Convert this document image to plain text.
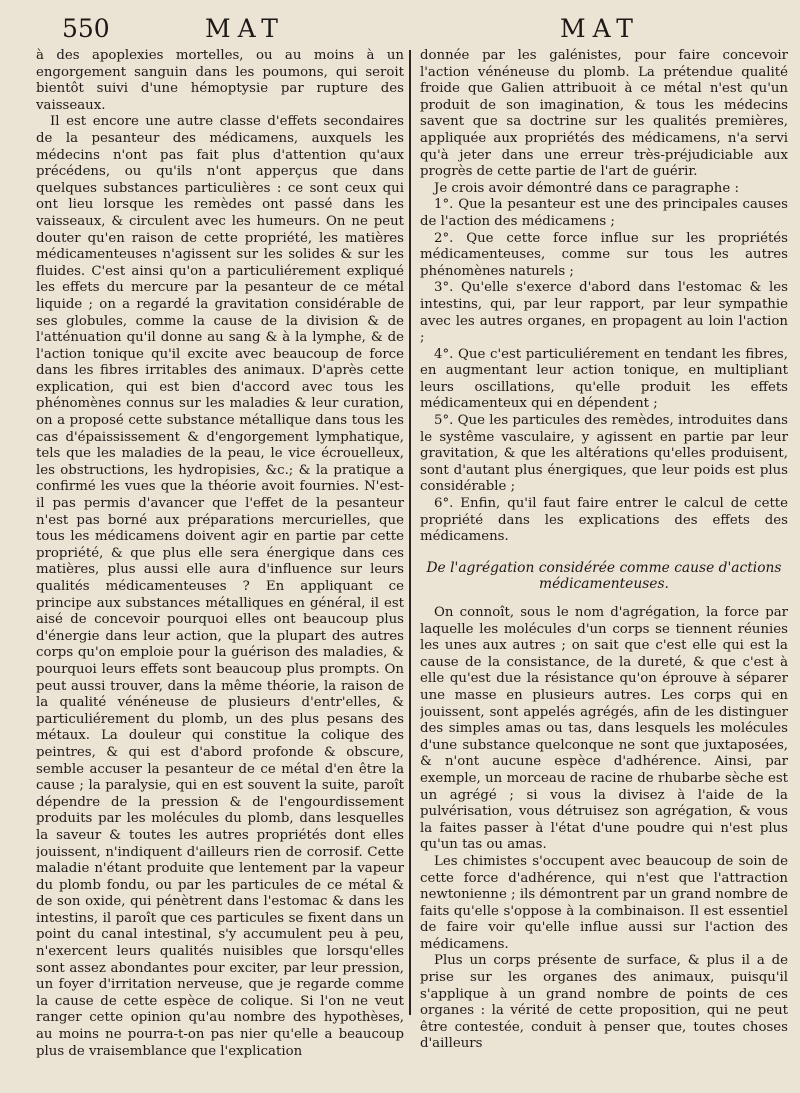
550	MAT	MAT

à des apoplexies mortelles, ou au moins à un engorgement sanguin dans les poumons, qui seroit bientôt suivi d'une hémoptysie par rupture des vaisseaux.

Il est encore une autre classe d'effets secondaires de la pesanteur des médicamens, auxquels les médecins n'ont pas fait plus d'attention qu'aux précédens, ou qu'ils n'ont apperçus que dans quelques substances particulières : ce sont ceux qui ont lieu lorsque les remèdes ont passé dans les vaisseaux, & circulent avec les humeurs. On ne peut douter qu'en raison de cette propriété, les matières médicamenteuses n'agissent sur les solides & sur les fluides. C'est ainsi qu'on a particuliérement expliqué les effets du mercure par la pesanteur de ce métal liquide ; on a regardé la gravitation considérable de ses globules, comme la cause de la division & de l'atténuation qu'il donne au sang & à la lymphe, & de l'action tonique qu'il excite avec beaucoup de force dans les fibres irritables des animaux. D'après cette explication, qui est bien d'accord avec tous les phénomènes connus sur les maladies & leur curation, on a proposé cette substance métallique dans tous les cas d'épaississement & d'engorgement lymphatique, tels que les maladies de la peau, le vice écrouelleux, les obstructions, les hydropisies, &c.; & la pratique a confirmé les vues que la théorie avoit fournies. N'est-il pas permis d'avancer que l'effet de la pesanteur n'est pas borné aux préparations mercurielles, que tous les médicamens doivent agir en partie par cette propriété, & que plus elle sera énergique dans ces matières, plus aussi elle aura d'influence sur leurs qualités médicamenteuses ? En appliquant ce principe aux substances métalliques en général, il est aisé de concevoir pourquoi elles ont beaucoup plus d'énergie dans leur action, que la plupart des autres corps qu'on emploie pour la guérison des maladies, & pourquoi leurs effets sont beaucoup plus prompts. On peut aussi trouver, dans la même théorie, la raison de la qualité vénéneuse de plusieurs d'entr'elles, & particuliérement du plomb, un des plus pesans des métaux. La douleur qui constitue la colique des peintres, & qui est d'abord profonde & obscure, semble accuser la pesanteur de ce métal d'en être la cause ; la paralysie, qui en est souvent la suite, paroît dépendre de la pression & de l'engourdissement produits par les molécules du plomb, dans lesquelles la saveur & toutes les autres propriétés dont elles jouissent, n'indiquent d'ailleurs rien de corrosif. Cette maladie n'étant produite que lentement par la vapeur du plomb fondu, ou par les particules de ce métal & de son oxide, qui pénètrent dans l'estomac & dans les intestins, il paroît que ces particules se fixent dans un point du canal intestinal, s'y accumulent peu à peu, n'exercent leurs qualités nuisibles que lorsqu'elles sont assez abondantes pour exciter, par leur pression, un foyer d'irritation nerveuse, que je regarde comme la cause de cette espèce de colique. Si l'on ne veut ranger cette opinion qu'au nombre des hypothèses, au moins ne pourra-t-on pas nier qu'elle a beaucoup plus de vraisemblance que l'explication

donnée par les galénistes, pour faire concevoir l'action vénéneuse du plomb. La prétendue qualité froide que Galien attribuoit à ce métal n'est qu'un produit de son imagination, & tous les médecins savent que sa doctrine sur les qualités premières, appliquée aux propriétés des médicamens, n'a servi qu'à jeter dans une erreur très-préjudiciable aux progrès de cette partie de l'art de guérir.

Je crois avoir démontré dans ce paragraphe :

1°. Que la pesanteur est une des principales causes de l'action des médicamens ;

2°. Que cette force influe sur les propriétés médicamenteuses, comme sur tous les autres phénomènes naturels ;

3°. Qu'elle s'exerce d'abord dans l'estomac & les intestins, qui, par leur rapport, par leur sympathie avec les autres organes, en propagent au loin l'action ;

4°. Que c'est particuliérement en tendant les fibres, en augmentant leur action tonique, en multipliant leurs oscillations, qu'elle produit les effets médicamenteux qui en dépendent ;

5°. Que les particules des remèdes, introduites dans le systême vasculaire, y agissent en partie par leur gravitation, & que les altérations qu'elles produisent, sont d'autant plus énergiques, que leur poids est plus considérable ;

6°. Enfin, qu'il faut faire entrer le calcul de cette propriété dans les explications des effets des médicamens.

De l'agrégation considérée comme cause d'actions
médicamenteuses.

On connoît, sous le nom d'agrégation, la force par laquelle les molécules d'un corps se tiennent réunies les unes aux autres ; on sait que c'est elle qui est la cause de la consistance, de la dureté, & que c'est à elle qu'est due la résistance qu'on éprouve à séparer une masse en plusieurs autres. Les corps qui en jouissent, sont appelés agrégés, afin de les distinguer des simples amas ou tas, dans lesquels les molécules d'une substance quelconque ne sont que juxtaposées, & n'ont aucune espèce d'adhérence. Ainsi, par exemple, un morceau de racine de rhubarbe sèche est un agrégé ; si vous la divisez à l'aide de la pulvérisation, vous détruisez son agrégation, & vous la faites passer à l'état d'une poudre qui n'est plus qu'un tas ou amas.

Les chimistes s'occupent avec beaucoup de soin de cette force d'adhérence, qui n'est que l'attraction newtonienne ; ils démontrent par un grand nombre de faits qu'elle s'oppose à la combinaison. Il est essentiel de faire voir qu'elle influe aussi sur l'action des médicamens.

Plus un corps présente de surface, & plus il a de prise sur les organes des animaux, puisqu'il s'applique à un grand nombre de points de ces organes : la vérité de cette proposition, qui ne peut être contestée, conduit à penser que, toutes choses d'ailleurs
